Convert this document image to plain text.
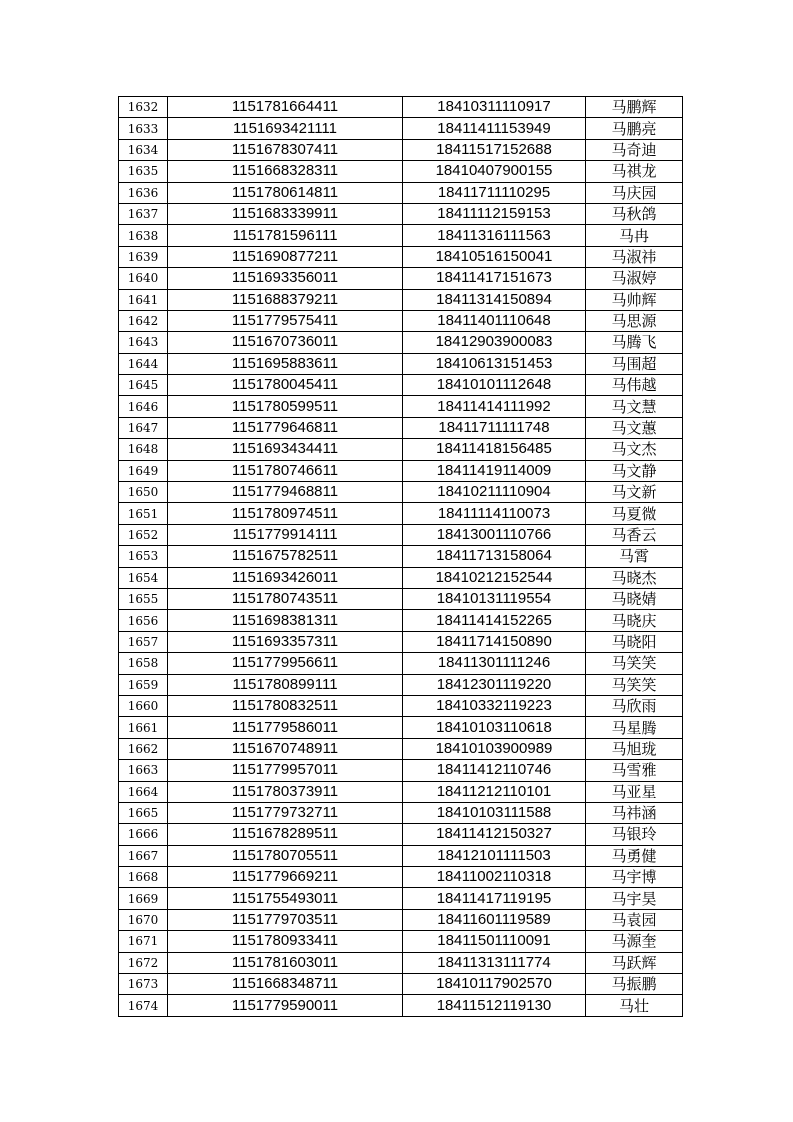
1632	1151781664411	18410311110917	马鹏辉
1633	1151693421111	18411411153949	马鹏亮
1634	1151678307411	18411517152688	马奇迪
1635	1151668328311	18410407900155	马祺龙
1636	1151780614811	18411711110295	马庆园
1637	1151683339911	18411112159153	马秋鸽
1638	1151781596111	18411316111563	马冉
1639	1151690877211	18410516150041	马淑祎
1640	1151693356011	18411417151673	马淑婷
1641	1151688379211	18411314150894	马帅辉
1642	1151779575411	18411401110648	马思源
1643	1151670736011	18412903900083	马腾飞
1644	1151695883611	18410613151453	马围超
1645	1151780045411	18410101112648	马伟越
1646	1151780599511	18411414111992	马文慧
1647	1151779646811	18411711111748	马文蕙
1648	1151693434411	18411418156485	马文杰
1649	1151780746611	18411419114009	马文静
1650	1151779468811	18410211110904	马文新
1651	1151780974511	18411114110073	马夏微
1652	1151779914111	18413001110766	马香云
1653	1151675782511	18411713158064	马霄
1654	1151693426011	18410212152544	马晓杰
1655	1151780743511	18410131119554	马晓婧
1656	1151698381311	18411414152265	马晓庆
1657	1151693357311	18411714150890	马晓阳
1658	1151779956611	18411301111246	马笑笑
1659	1151780899111	18412301119220	马笑笑
1660	1151780832511	18410332119223	马欣雨
1661	1151779586011	18410103110618	马星腾
1662	1151670748911	18410103900989	马旭珑
1663	1151779957011	18411412110746	马雪雅
1664	1151780373911	18411212110101	马亚星
1665	1151779732711	18410103111588	马祎涵
1666	1151678289511	18411412150327	马银玲
1667	1151780705511	18412101111503	马勇健
1668	1151779669211	18411002110318	马宇博
1669	1151755493011	18411417119195	马宇昊
1670	1151779703511	18411601119589	马袁园
1671	1151780933411	18411501110091	马源奎
1672	1151781603011	18411313111774	马跃辉
1673	1151668348711	18410117902570	马振鹏
1674	1151779590011	18411512119130	马壮
